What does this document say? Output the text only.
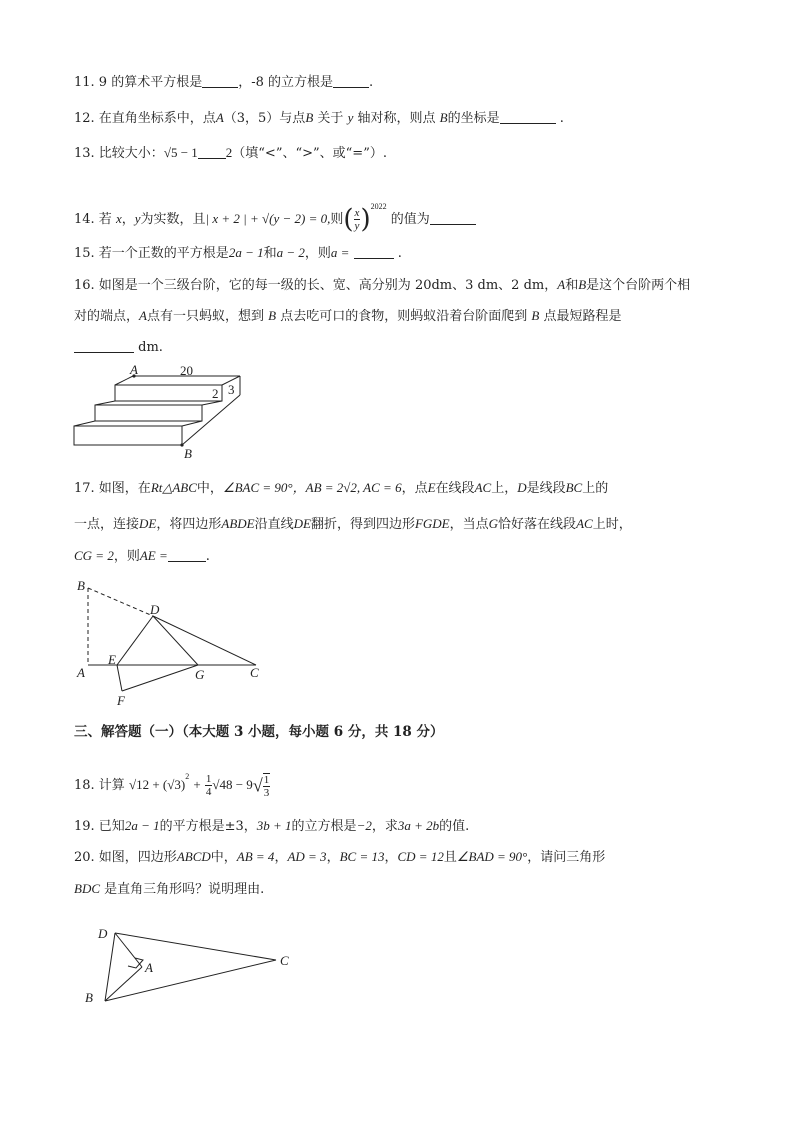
11. 9 的算术平方根是	，-8 的立方根是	.
12. 在直角坐标系中，点A（3，5）与点B 关于 y 轴对称，则点 B的坐标是	.
13. 比较大小：√5 − 1 2（填“<”、“>”、或“=”）.
14. 若 x，y为实数，且| x + 2 | + √(y − 2) = 0,则( $\frac{x}{y} )^{2022}$ 的值为
15. 若一个正数的平方根是2a − 1和a − 2，则a =	.
16. 如图是一个三级台阶，它的每一级的长、宽、高分别为 20dm、3 dm、2 dm，A和B是这个台阶两个相
对的端点，A点有一只蚂蚁，想到 B 点去吃可口的食物，则蚂蚁沿着台阶面爬到 B 点最短路程是
dm.
A	20
2 3
B
17. 如图，在Rt△ABC中，∠BAC = 90°，AB = 2√2, AC = 6，点E在线段AC上，D是线段BC上的
一点，连接DE，将四边形ABDE沿直线DE翻折，得到四边形FGDE，当点G恰好落在线段AC上时，
CG = 2，则AE =	.
B
D
A
E
G	C
F
三、解答题（一）（本大题 3 小题，每小题 6 分，共 18 分）
18. 计算 $√12 + (√3)^2 + \frac{1}{4} √48 - 9√ \frac{1}{3}$
19. 已知2a − 1的平方根是±3，3b + 1的立方根是−2，求3a + 2b的值.
20. 如图，四边形ABCD中，AB = 4，AD = 3，BC = 13，CD = 12且∠BAD = 90°，请问三角形
BDC 是直角三角形吗？说明理由.
D
A	C
B
